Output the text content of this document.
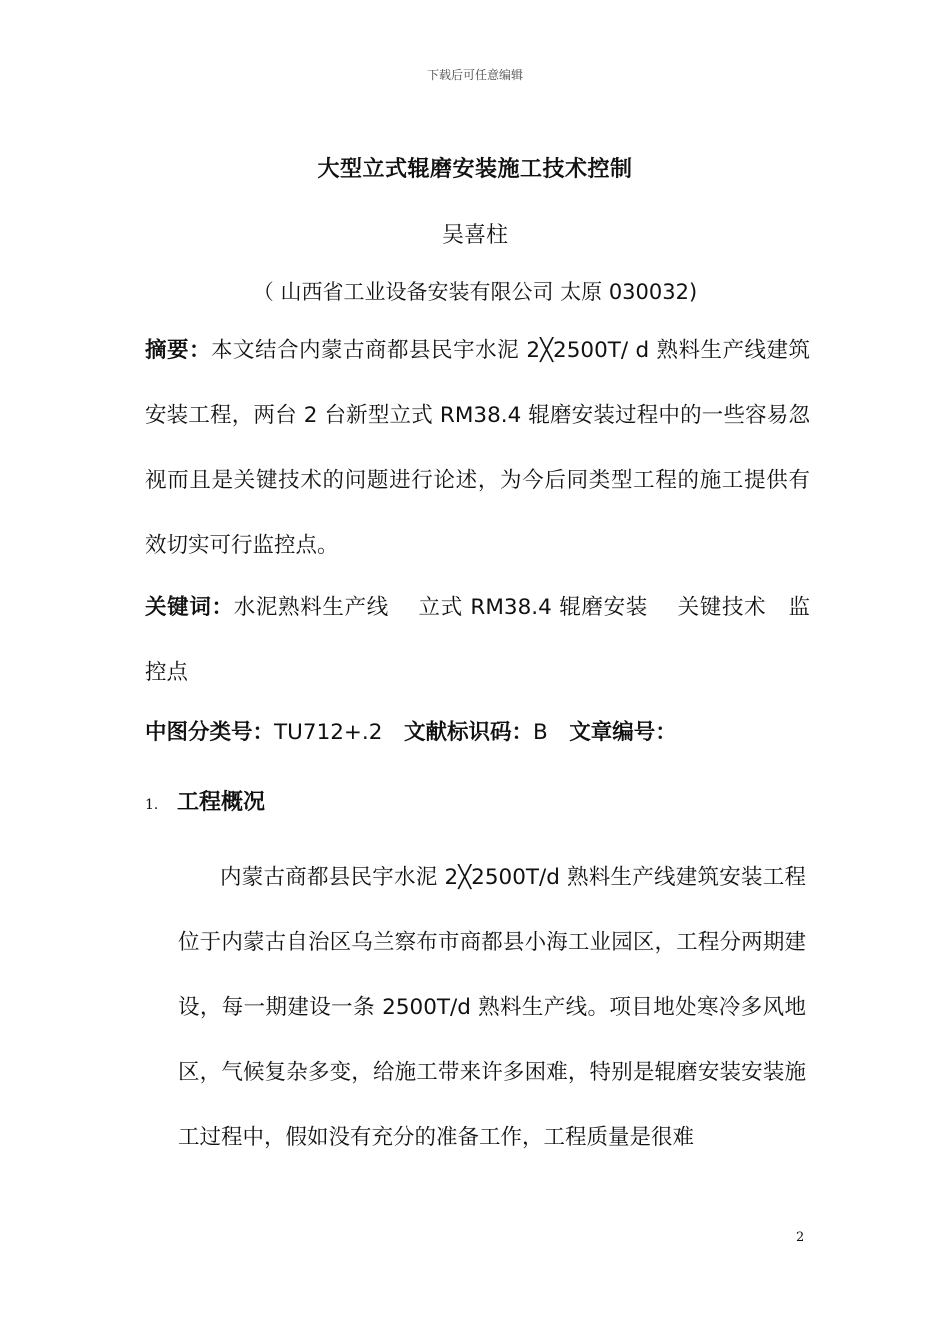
下载后可任意编辑
大型立式辊磨安装施工技术控制
吴喜柱
（ 山西省工业设备安装有限公司 太原 030032)
摘要：本文结合内蒙古商都县民宇水泥 2╳2500T/ d 熟料生产线建筑安装工程，两台 2 台新型立式 RM38.4 辊磨安装过程中的一些容易忽视而且是关键技术的问题进行论述，为今后同类型工程的施工提供有效切实可行监控点。
关键词：水泥熟料生产线　 立式 RM38.4 辊磨安装　 关键技术　监控点
中图分类号：TU712+.2　文献标识码：B　文章编号：
1. 工程概况
内蒙古商都县民宇水泥 2╳2500T/d 熟料生产线建筑安装工程位于内蒙古自治区乌兰察布市商都县小海工业园区，工程分两期建设，每一期建设一条 2500T/d 熟料生产线。项目地处寒冷多风地区，气候复杂多变，给施工带来许多困难，特别是辊磨安装安装施工过程中，假如没有充分的准备工作，工程质量是很难
2
